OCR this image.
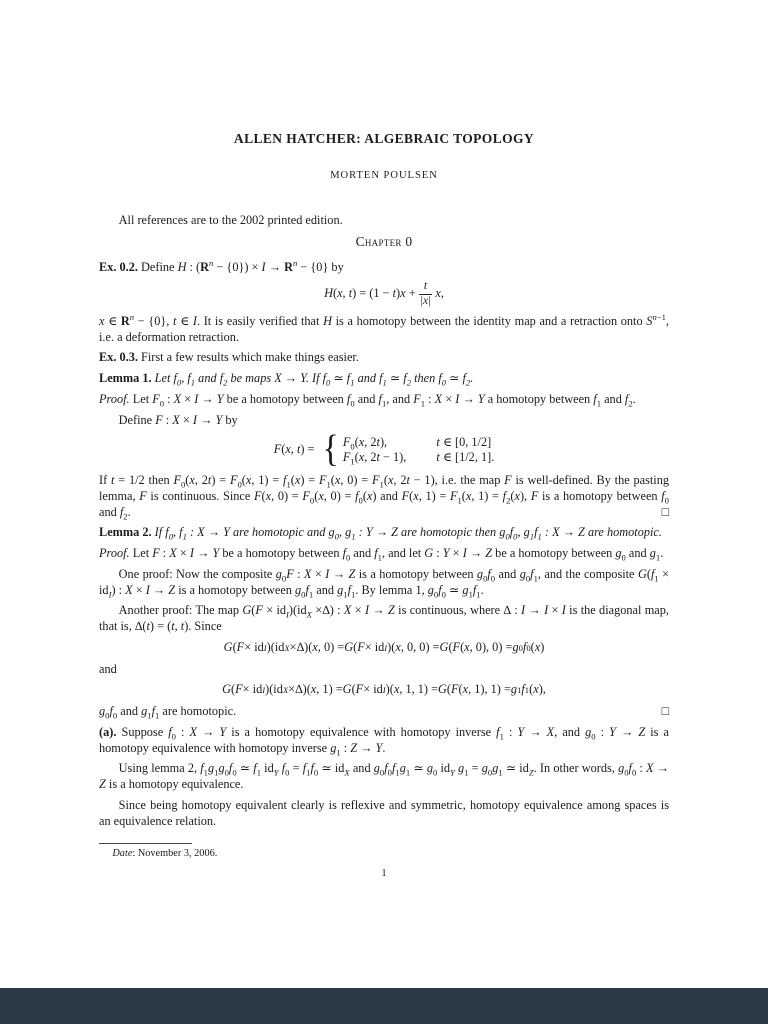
ALLEN HATCHER: ALGEBRAIC TOPOLOGY
MORTEN POULSEN

All references are to the 2002 printed edition.

Chapter 0

Ex. 0.2. Define H : $(R^n - \{0\}) \times I \to R^n - \{0\}$ by

H(x, $t) = (1 - t)x + \frac{t}{|x|} x$,

x ∈ $R^n - \{0\}$, t ∈ I. It is easily verified that H is a homotopy between the identity map and a retraction onto $S^{n-1}$, i.e. a deformation retraction.

Ex. 0.3. First a few results which make things easier.

Lemma 1. Let $f_0$, $f_1$ and $f_2$ be maps X → Y. If $f_0$ ≃ $f_1$ and $f_1$ ≃ $f_2$ then $f_0$ ≃ $f_2$.

Proof. Let $F_0$ : X × I → Y be a homotopy between $f_0$ and $f_1$, and $F_1$ : X × I → Y a homotopy between $f_1$ and $f_2$.

Define F : X × I → Y by

F(x, t) = { $F_0(x$, 2t),	t ∈ [0, 1/2]
$F_1(x$, 2t − 1), t ∈ [1/2, 1].

If t = 1/2 then $F_0(x$, $2t) = F_0(x$, $1) = f_1(x) = F_1(x$, $0) = F_1(x$, 2t − 1), i.e. the map F is well-defined. By the pasting lemma, F is continuous. Since F(x, $0) = F_0(x$, $0) = f_0(x)$ and F(x, $1) = F_1(x$, $1) = f_2(x)$, F is a homotopy between $f_0$ and $f_2$.	□

Lemma 2. If $f_0$, $f_1$ : X → Y are homotopic and $g_0$, $g_1$ : Y → Z are homotopic then $g_0f_0$, $g_1f_1$ : X → Z are homotopic.

Proof. Let F : X × I → Y be a homotopy between $f_0$ and $f_1$, and let G : Y × I → Z be a homotopy between $g_0$ and $g_1$.

One proof: Now the composite $g_0F$ : X × I → Z is a homotopy between $g_0f_0$ and $g_0f_1$, and the composite $G(f_1 \times id_I)$ : X × I → Z is a homotopy between $g_0f_1$ and $g_1f_1$. By lemma 1, $g_0f_0$ ≃ $g_1f_1$.

Another proof: The map $G(F \times id_I)(id_X$ ×∆) : X × I → Z is continuous, where ∆ : I → I × I is the diagonal map, that is, ∆(t) = (t, t). Since

G ( F × id I )(id X ×∆)( x , 0) = G ( F × id I )( x , 0, 0) = G ( F ( x , 0), 0) = g 0 f 0 ( x )

and

G ( F × id I )(id X ×∆)( x , 1) = G ( F × id I )( x , 1, 1) = G ( F ( x , 1), 1) = g 1 f 1 ( x ),

$g_0f_0$ and $g_1f_1$ are homotopic.	□

(a). Suppose $f_0$ : X → Y is a homotopy equivalence with homotopy inverse $f_1$ : Y → X, and $g_0$ : Y → Z is a homotopy equivalence with homotopy inverse $g_1$ : Z → Y.

Using lemma 2, $f_1g_1g_0f_0$ ≃ $f_1$ $id_Y$ $f_0 = f_1f_0$ ≃ $id_X$ and $g_0f_0f_1g_1$ ≃ $g_0$ $id_Y$ $g_1 = g_0g_1$ ≃ $id_Z$. In other words, $g_0f_0$ : X → Z is a homotopy equivalence.

Since being homotopy equivalent clearly is reflexive and symmetric, homotopy equivalence among spaces is an equivalence relation.

Date: November 3, 2006.

1
